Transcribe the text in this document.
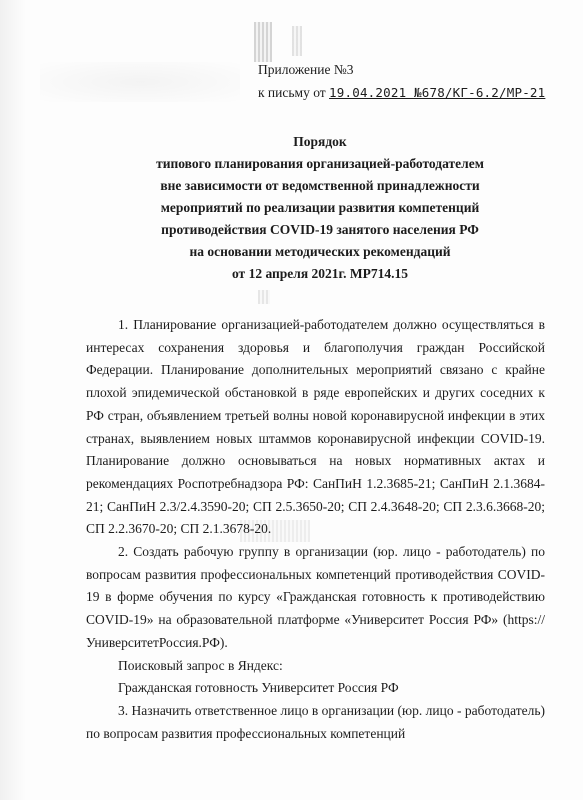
Приложение №3
к письму от 19.04.2021 №678/КГ-6.2/МР-21
Порядок
типового планирования организацией-работодателем
вне зависимости от ведомственной принадлежности
мероприятий по реализации развития компетенций
противодействия COVID-19 занятого населения РФ
на основании методических рекомендаций
от 12 апреля 2021г. МР714.15

1. Планирование организацией-работодателем должно осуществляться в интересах сохранения здоровья и благополучия граждан Российской Федерации. Планирование дополнительных мероприятий связано с крайне плохой эпидемической обстановкой в ряде европейских и других соседних к РФ стран, объявлением третьей волны новой коронавирусной инфекции в этих странах, выявлением новых штаммов коронавирусной инфекции COVID-19. Планирование должно основываться на новых нормативных актах и рекомендациях Роспотребнадзора РФ: СанПиН 1.2.3685-21; СанПиН 2.1.3684-21; СанПиН 2.3/2.4.3590-20; СП 2.5.3650-20; СП 2.4.3648-20; СП 2.3.6.3668-20; СП 2.2.3670-20; СП 2.1.3678-20.

2. Создать рабочую группу в организации (юр. лицо - работодатель) по вопросам развития профессиональных компетенций противодействия COVID-19 в форме обучения по курсу «Гражданская готовность к противодействию COVID-19» на образовательной платформе «Университет Россия РФ» (https://УниверситетРоссия.РФ).

Поисковый запрос в Яндекс:

Гражданская готовность Университет Россия РФ

3. Назначить ответственное лицо в организации (юр. лицо - работодатель) по вопросам развития профессиональных компетенций
